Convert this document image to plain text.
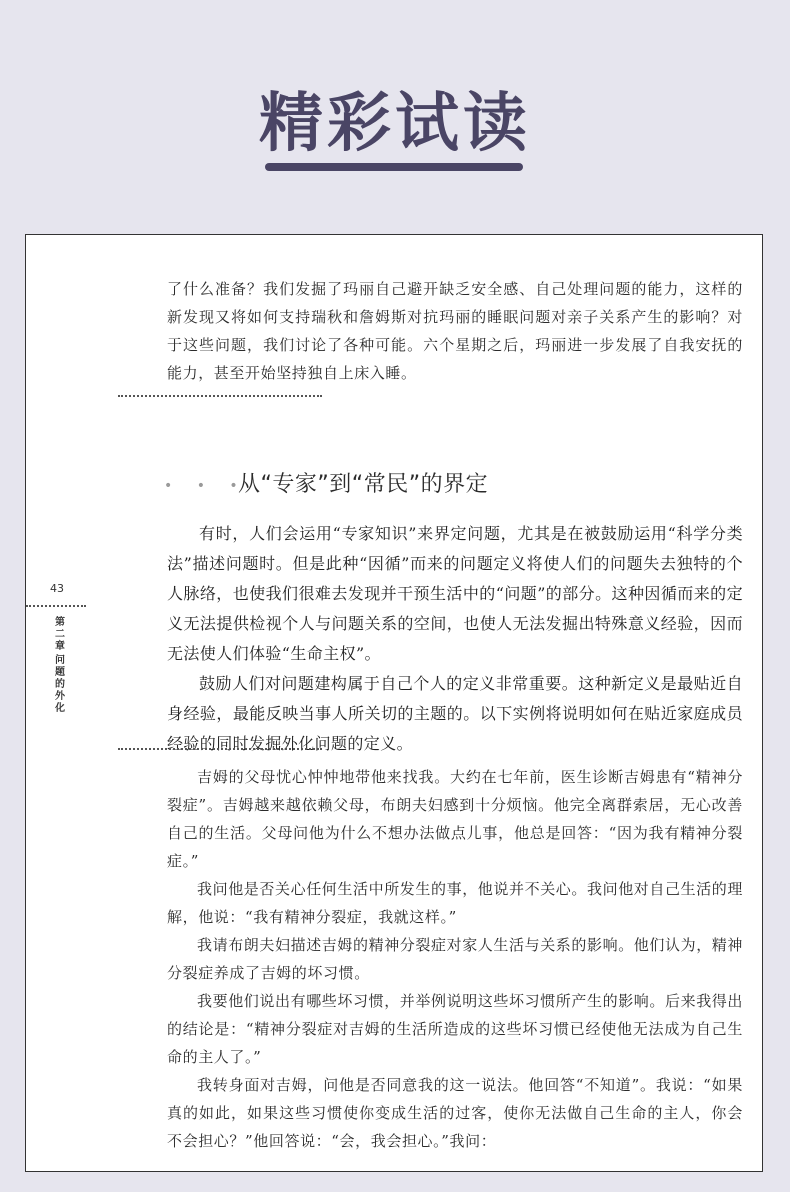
精彩试读

了什么准备？我们发掘了玛丽自己避开缺乏安全感、自己处理问题的能力，这样的新发现又将如何支持瑞秋和詹姆斯对抗玛丽的睡眠问题对亲子关系产生的影响？对于这些问题，我们讨论了各种可能。六个星期之后，玛丽进一步发展了自我安抚的能力，甚至开始坚持独自上床入睡。

• • •
从“专家”到“常民”的界定

有时，人们会运用“专家知识”来界定问题，尤其是在被鼓励运用“科学分类法”描述问题时。但是此种“因循”而来的问题定义将使人们的问题失去独特的个人脉络，也使我们很难去发现并干预生活中的“问题”的部分。这种因循而来的定义无法提供检视个人与问题关系的空间，也使人无法发掘出特殊意义经验，因而无法使人们体验“生命主权”。

鼓励人们对问题建构属于自己个人的定义非常重要。这种新定义是最贴近自身经验，最能反映当事人所关切的主题的。以下实例将说明如何在贴近家庭成员经验的同时发掘外化问题的定义。

43
第二章
问题的外化

吉姆的父母忧心忡忡地带他来找我。大约在七年前，医生诊断吉姆患有“精神分裂症”。吉姆越来越依赖父母，布朗夫妇感到十分烦恼。他完全离群索居，无心改善自己的生活。父母问他为什么不想办法做点儿事，他总是回答：“因为我有精神分裂症。”

我问他是否关心任何生活中所发生的事，他说并不关心。我问他对自己生活的理解，他说：“我有精神分裂症，我就这样。”

我请布朗夫妇描述吉姆的精神分裂症对家人生活与关系的影响。他们认为，精神分裂症养成了吉姆的坏习惯。

我要他们说出有哪些坏习惯，并举例说明这些坏习惯所产生的影响。后来我得出的结论是：“精神分裂症对吉姆的生活所造成的这些坏习惯已经使他无法成为自己生命的主人了。”

我转身面对吉姆，问他是否同意我的这一说法。他回答“不知道”。我说：“如果真的如此，如果这些习惯使你变成生活的过客，使你无法做自己生命的主人，你会不会担心？”他回答说：“会，我会担心。”我问：
